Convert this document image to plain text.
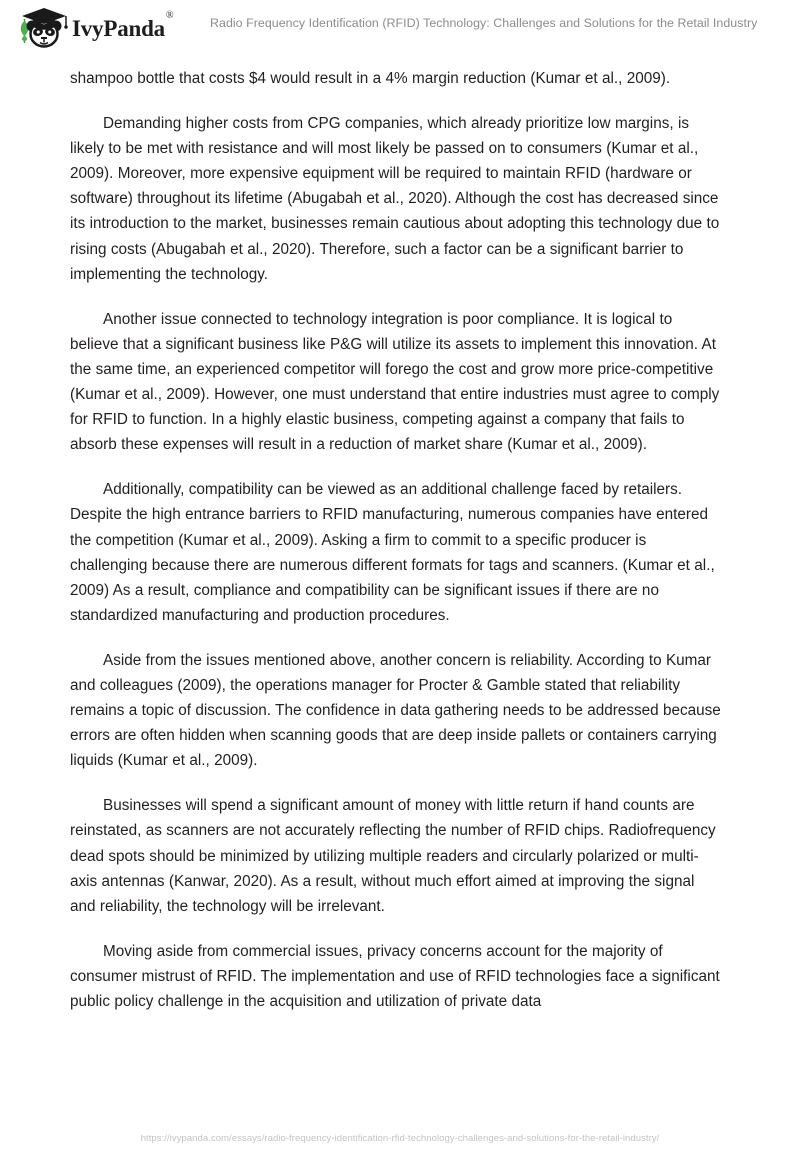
IvyPanda®
Radio Frequency Identification (RFID) Technology: Challenges and Solutions for the Retail Industry

shampoo bottle that costs $4 would result in a 4% margin reduction (Kumar et al., 2009).

Demanding higher costs from CPG companies, which already prioritize low margins, is likely to be met with resistance and will most likely be passed on to consumers (Kumar et al., 2009). Moreover, more expensive equipment will be required to maintain RFID (hardware or software) throughout its lifetime (Abugabah et al., 2020). Although the cost has decreased since its introduction to the market, businesses remain cautious about adopting this technology due to rising costs (Abugabah et al., 2020). Therefore, such a factor can be a significant barrier to implementing the technology.

Another issue connected to technology integration is poor compliance. It is logical to believe that a significant business like P&G will utilize its assets to implement this innovation. At the same time, an experienced competitor will forego the cost and grow more price-competitive (Kumar et al., 2009). However, one must understand that entire industries must agree to comply for RFID to function. In a highly elastic business, competing against a company that fails to absorb these expenses will result in a reduction of market share (Kumar et al., 2009).

Additionally, compatibility can be viewed as an additional challenge faced by retailers. Despite the high entrance barriers to RFID manufacturing, numerous companies have entered the competition (Kumar et al., 2009). Asking a firm to commit to a specific producer is challenging because there are numerous different formats for tags and scanners. (Kumar et al., 2009) As a result, compliance and compatibility can be significant issues if there are no standardized manufacturing and production procedures.

Aside from the issues mentioned above, another concern is reliability. According to Kumar and colleagues (2009), the operations manager for Procter & Gamble stated that reliability remains a topic of discussion. The confidence in data gathering needs to be addressed because errors are often hidden when scanning goods that are deep inside pallets or containers carrying liquids (Kumar et al., 2009).

Businesses will spend a significant amount of money with little return if hand counts are reinstated, as scanners are not accurately reflecting the number of RFID chips. Radiofrequency dead spots should be minimized by utilizing multiple readers and circularly polarized or multi-axis antennas (Kanwar, 2020). As a result, without much effort aimed at improving the signal and reliability, the technology will be irrelevant.

Moving aside from commercial issues, privacy concerns account for the majority of consumer mistrust of RFID. The implementation and use of RFID technologies face a significant public policy challenge in the acquisition and utilization of private data

https://ivypanda.com/essays/radio-frequency-identification-rfid-technology-challenges-and-solutions-for-the-retail-industry/
